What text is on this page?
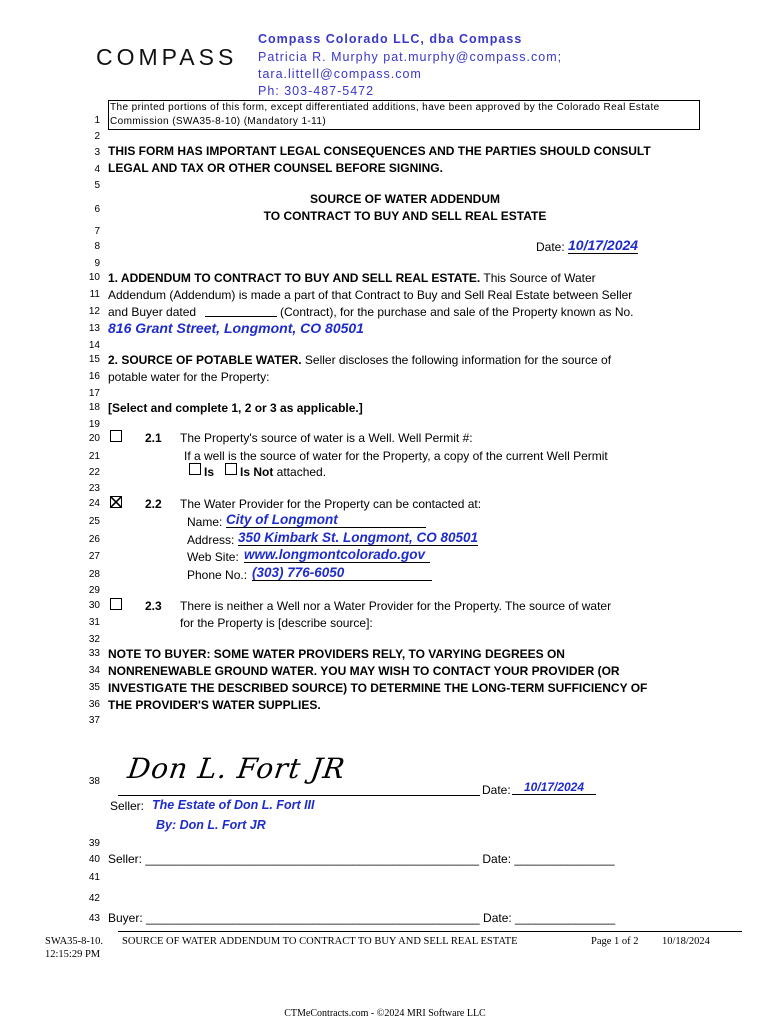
COMPASS
Compass Colorado LLC, dba Compass
Patricia R. Murphy pat.murphy@compass.com;
tara.littell@compass.com
Ph: 303-487-5472
The printed portions of this form, except differentiated additions, have been approved by the Colorado Real Estate
Commission (SWA35-8-10) (Mandatory 1-11)
1
2
3
4
5
6
7
8
9
10
11
12
13
14
15
16
17
18
19
20
21
22
23
24
25
26
27
28
29
30
31
32
33
34
35
36
37
38
39
40
41
42
43
THIS FORM HAS IMPORTANT LEGAL CONSEQUENCES AND THE PARTIES SHOULD CONSULT
LEGAL AND TAX OR OTHER COUNSEL BEFORE SIGNING.
SOURCE OF WATER ADDENDUM
TO CONTRACT TO BUY AND SELL REAL ESTATE
Date: 10/17/2024
1. ADDENDUM TO CONTRACT TO BUY AND SELL REAL ESTATE. This Source of Water
Addendum (Addendum) is made a part of that Contract to Buy and Sell Real Estate between Seller
and Buyer dated	(Contract), for the purchase and sale of the Property known as No.
816 Grant Street, Longmont, CO 80501
2. SOURCE OF POTABLE WATER. Seller discloses the following information for the source of
potable water for the Property:
[Select and complete 1, 2 or 3 as applicable.]
2.1 The Property's source of water is a Well. Well Permit #:
If a well is the source of water for the Property, a copy of the current Well Permit
Is Is Not attached.
2.2 The Water Provider for the Property can be contacted at:
Name: City of Longmont
Address: 350 Kimbark St. Longmont, CO 80501
Web Site: www.longmontcolorado.gov
Phone No.: (303) 776-6050
2.3 There is neither a Well nor a Water Provider for the Property. The source of water
for the Property is [describe source]:
NOTE TO BUYER: SOME WATER PROVIDERS RELY, TO VARYING DEGREES ON
NONRENEWABLE GROUND WATER. YOU MAY WISH TO CONTACT YOUR PROVIDER (OR
INVESTIGATE THE DESCRIBED SOURCE) TO DETERMINE THE LONG-TERM SUFFICIENCY OF
THE PROVIDER'S WATER SUPPLIES.
Don L. Fort JR
Date:	10/17/2024
Seller: The Estate of Don L. Fort III
By: Don L. Fort JR
Seller: __________________________________________________ Date: _______________
Buyer: __________________________________________________ Date: _______________
SWA35-8-10.
12:15:29 PM
SOURCE OF WATER ADDENDUM TO CONTRACT TO BUY AND SELL REAL ESTATE	Page 1 of 2 10/18/2024
CTMeContracts.com - ©2024 MRI Software LLC
